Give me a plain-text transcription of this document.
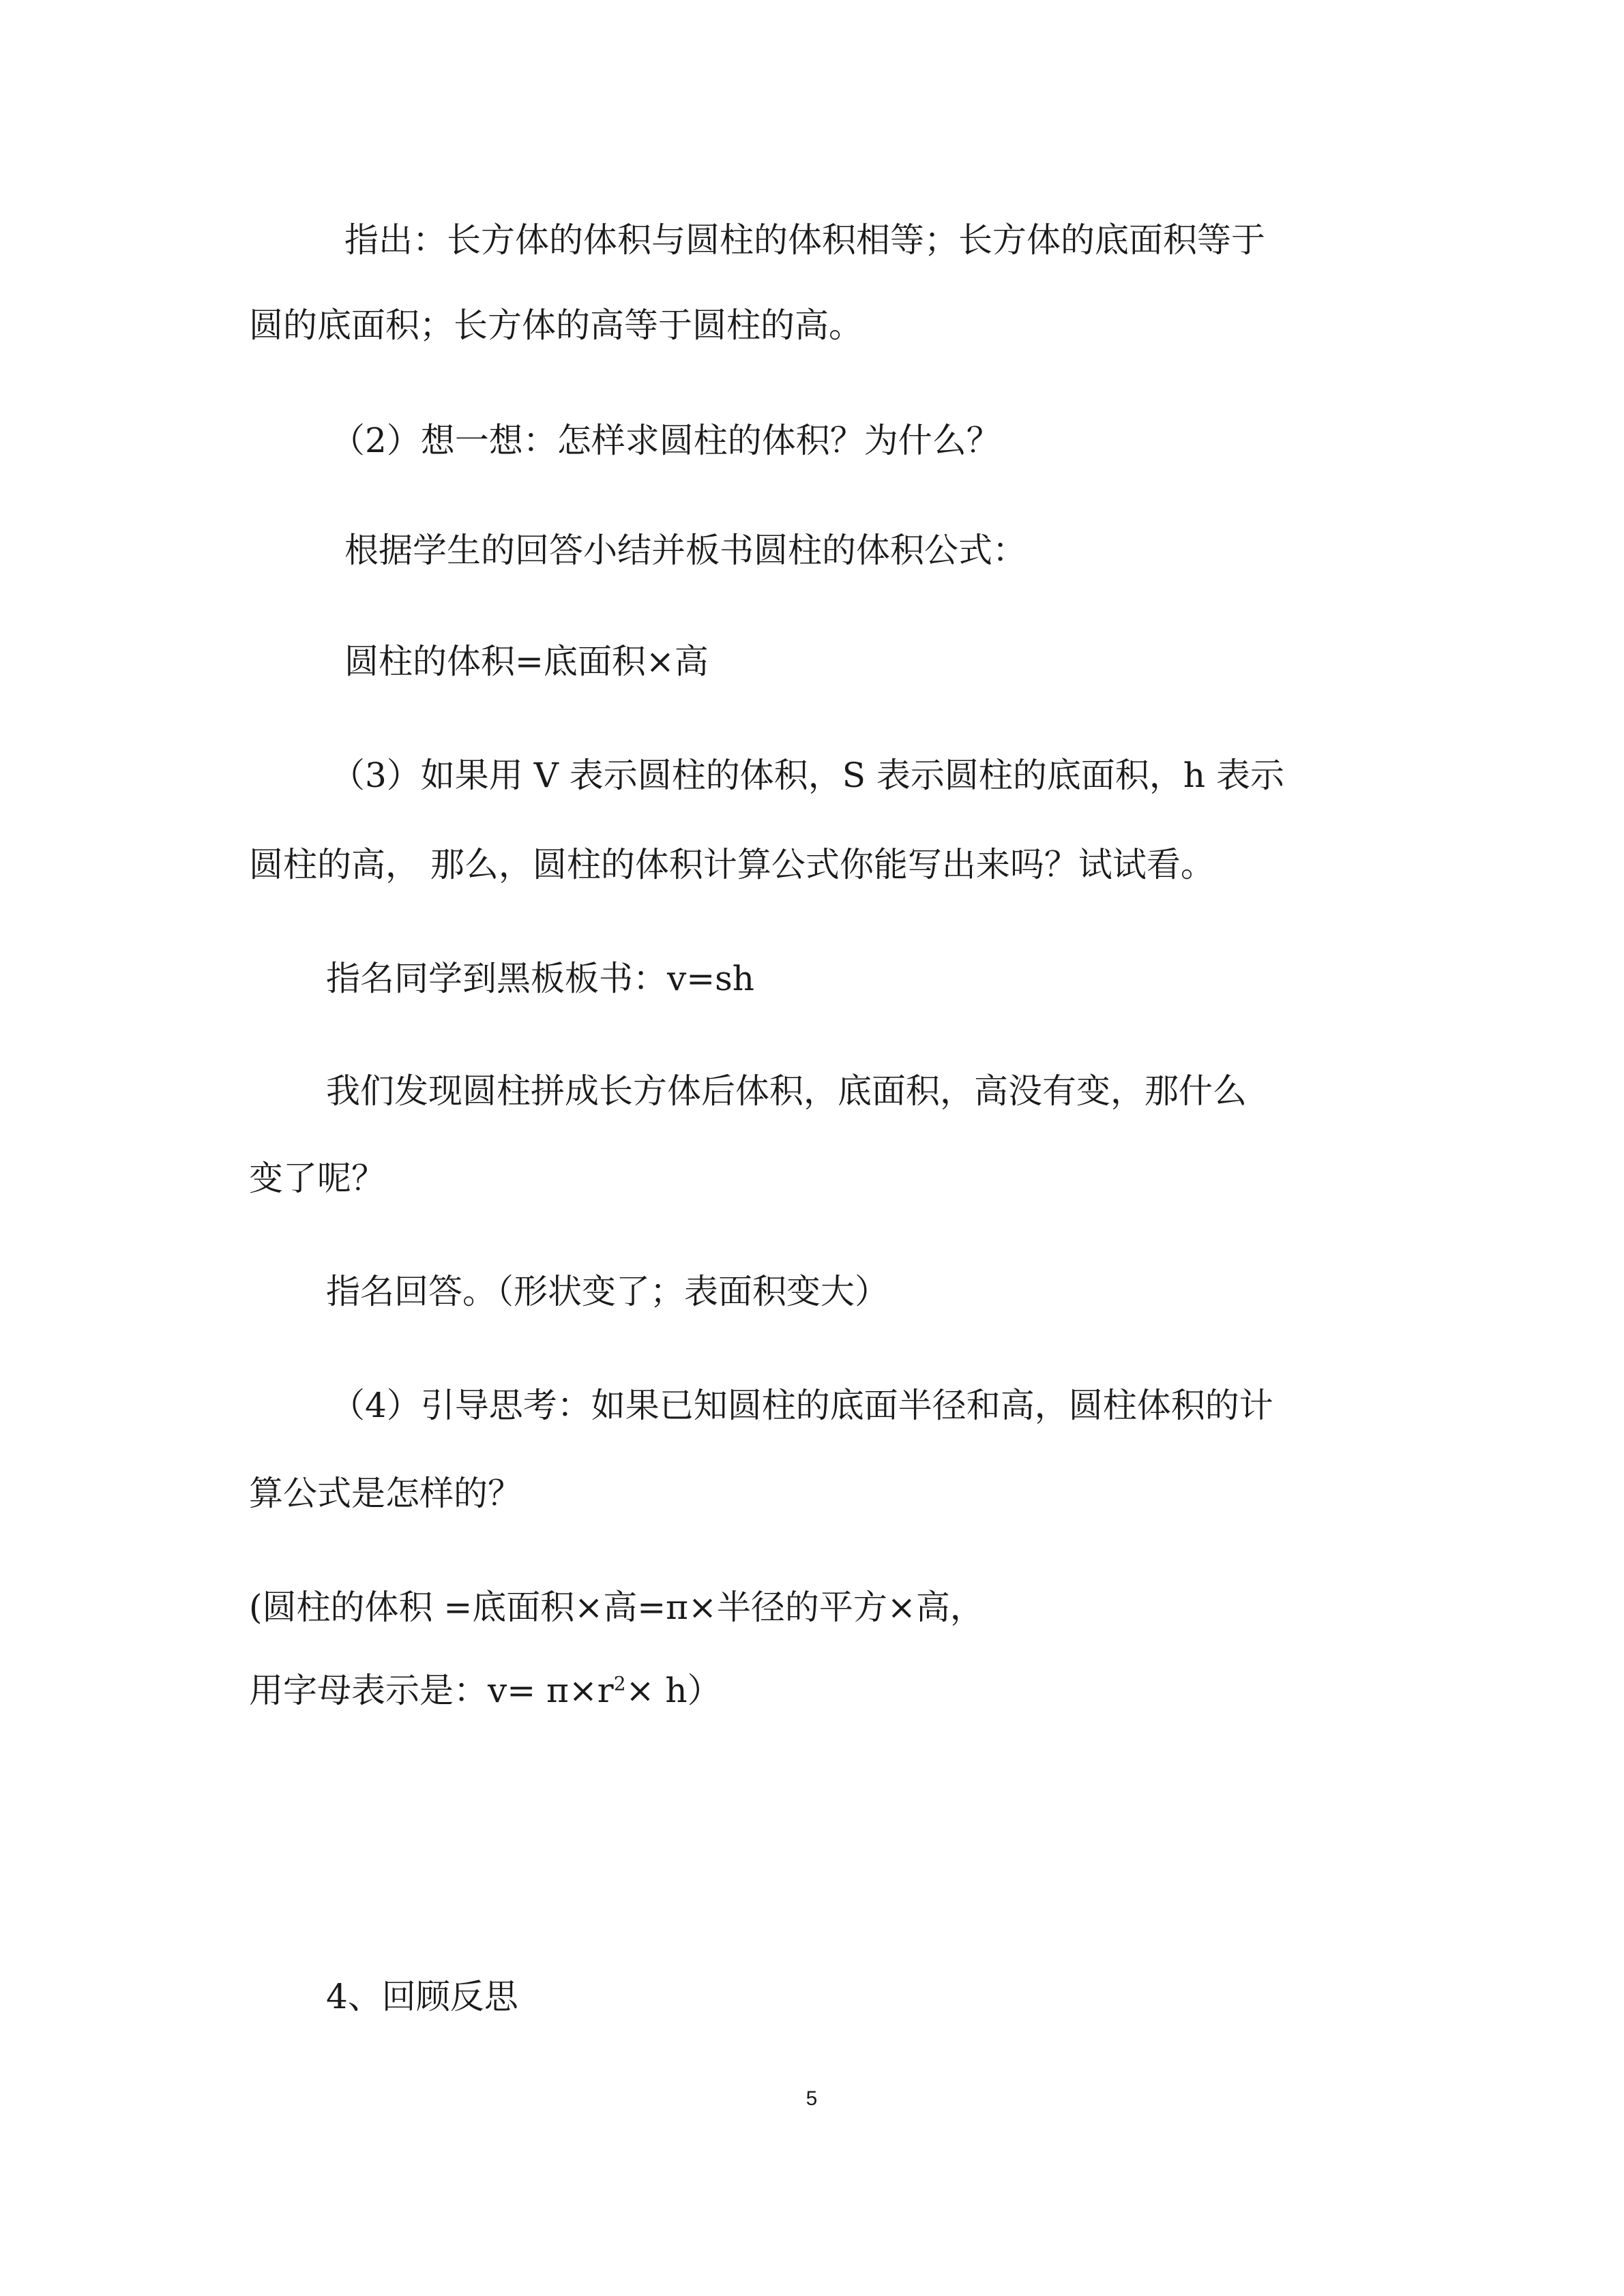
指出：长方体的体积与圆柱的体积相等；长方体的底面积等于
圆的底面积；长方体的高等于圆柱的高。
（2）想一想：怎样求圆柱的体积？为什么？
根据学生的回答小结并板书圆柱的体积公式：
圆柱的体积=底面积×高
（3）如果用 V 表示圆柱的体积，S 表示圆柱的底面积，h 表示
圆柱的高， 那么，圆柱的体积计算公式你能写出来吗？试试看。
指名同学到黑板板书：v=sh
我们发现圆柱拼成长方体后体积，底面积，高没有变，那什么
变了呢？
指名回答。（形状变了；表面积变大）
（4）引导思考：如果已知圆柱的底面半径和高，圆柱体积的计
算公式是怎样的？
(圆柱的体积 =底面积×高=π×半径的平方×高，
用字母表示是：$v= \pi\times r^2\times h$）
4、回顾反思
5
